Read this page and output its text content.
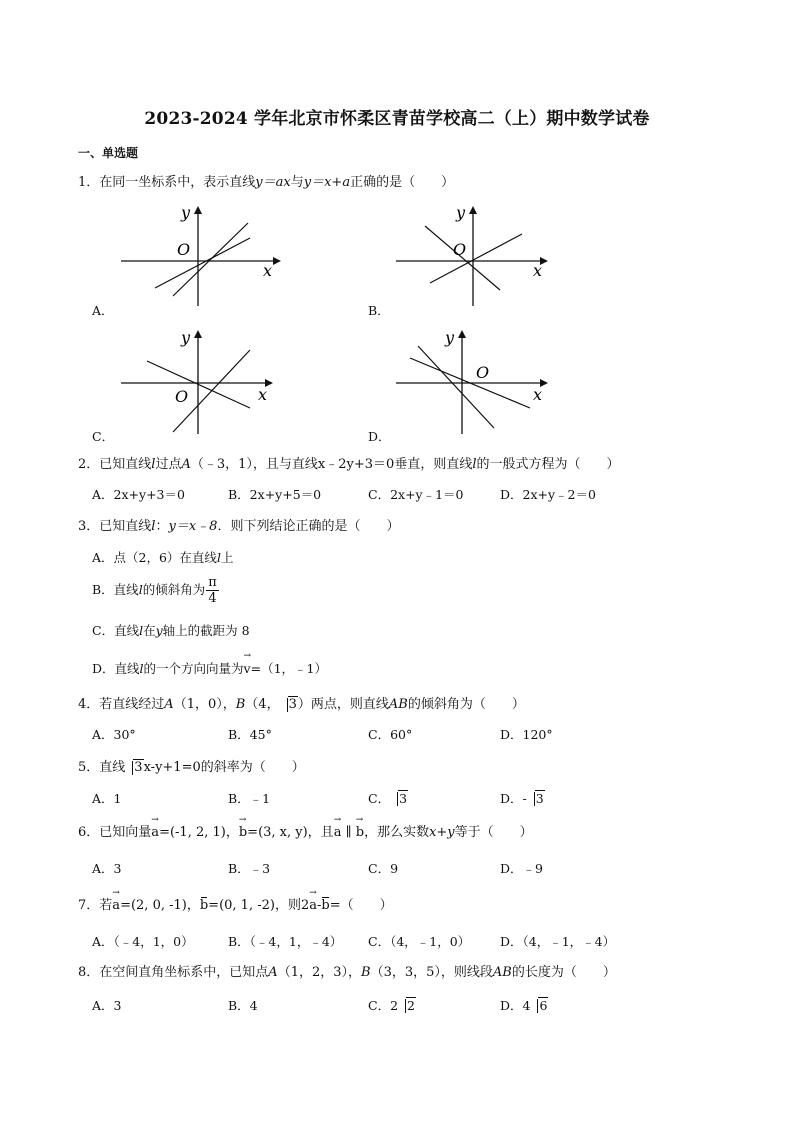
2023-2024 学年北京市怀柔区青苗学校高二（上）期中数学试卷
一、单选题
1．在同一坐标系中，表示直线y＝ax与y＝x+a正确的是（　　）
x
y
O
A．
x
y
O
B．
x
y
O
C．
x
y
O
D．
2．已知直线l过点A（﹣3，1），且与直线x﹣2y+3＝0垂直，则直线l的一般式方程为（　　）
A．2x+y+3＝0	B．2x+y+5＝0	C．2x+y﹣1＝0	D．2x+y﹣2＝0
3．已知直线l：y＝x﹣8．则下列结论正确的是（　　）
A．点（2，6）在直线l上
B．直线l的倾斜角为 $\frac{\pi}{4}$
C．直线l在y轴上的截距为 8
D．直线l的一个方向向量为
→
v=（1，﹣1）
4．若直线经过A（1，0），B（4， 3）两点，则直线AB的倾斜角为（　　）
A．30°	B．45°	C．60°	D．120°
5．直线 3x-y+1=0的斜率为（　　）
A．1	B．﹣1	C． 3	D．- 3
6．已知向量
→
a=(-1, 2, 1)，
→
b=(3, x, y)，且
→
a ∥
→
b，那么实数x+y等于（　　）
A．3	B．﹣3	C．9	D．﹣9
7．若
→
a=(2, 0, -1)，
b=(0, 1, -2)，则2
→
a-
b=（　　）
A．（﹣4，1，0）	B．（﹣4，1，﹣4） C．（4，﹣1，0） D．（4，﹣1，﹣4）
8．在空间直角坐标系中，已知点A（1，2，3），B（3，3，5），则线段AB的长度为（　　）
A．3	B．4	C．2 2	D．4 6
